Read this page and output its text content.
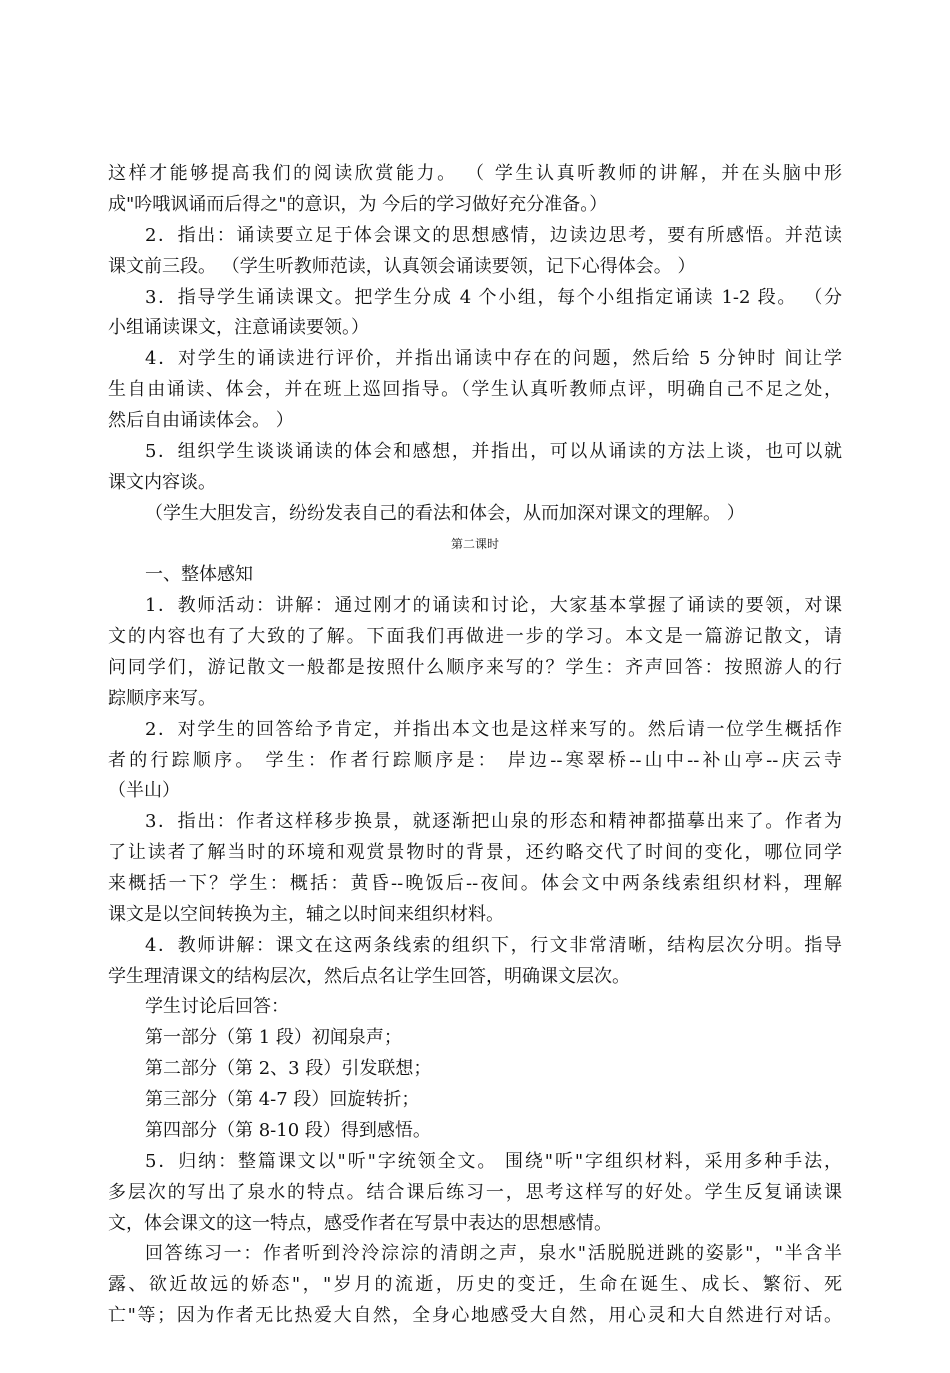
这样才能够提高我们的阅读欣赏能力。 （ 学生认真听教师的讲解，并在头脑中形
成"吟哦讽诵而后得之"的意识，为 今后的学习做好充分准备。）
2．指出：诵读要立足于体会课文的思想感情，边读边思考，要有所感悟。并范读
课文前三段。 （学生听教师范读，认真领会诵读要领，记下心得体会。 ）
3．指导学生诵读课文。把学生分成 4 个小组，每个小组指定诵读 1-2 段。 （分
小组诵读课文，注意诵读要领。）
4．对学生的诵读进行评价，并指出诵读中存在的问题，然后给 5 分钟时 间让学
生自由诵读、体会，并在班上巡回指导。（学生认真听教师点评，明确自己不足之处，
然后自由诵读体会。 ）
5．组织学生谈谈诵读的体会和感想，并指出，可以从诵读的方法上谈，也可以就
课文内容谈。
（学生大胆发言，纷纷发表自己的看法和体会，从而加深对课文的理解。 ）
第二课时
一、整体感知
1．教师活动：讲解：通过刚才的诵读和讨论，大家基本掌握了诵读的要领，对课
文的内容也有了大致的了解。下面我们再做进一步的学习。本文是一篇游记散文，请
问同学们，游记散文一般都是按照什么顺序来写的？学生：齐声回答：按照游人的行
踪顺序来写。
2．对学生的回答给予肯定，并指出本文也是这样来写的。然后请一位学生概括作
者的行踪顺序。 学生：作者行踪顺序是： 岸边--寒翠桥--山中--补山亭--庆云寺
（半山）
3．指出：作者这样移步换景，就逐渐把山泉的形态和精神都描摹出来了。作者为
了让读者了解当时的环境和观赏景物时的背景，还约略交代了时间的变化，哪位同学
来概括一下？学生：概括：黄昏--晚饭后--夜间。体会文中两条线索组织材料，理解
课文是以空间转换为主，辅之以时间来组织材料。
4．教师讲解：课文在这两条线索的组织下，行文非常清晰，结构层次分明。指导
学生理清课文的结构层次，然后点名让学生回答，明确课文层次。
学生讨论后回答：
第一部分（第 1 段）初闻泉声；
第二部分（第 2、3 段）引发联想；
第三部分（第 4-7 段）回旋转折；
第四部分（第 8-10 段）得到感悟。
5．归纳：整篇课文以"听"字统领全文。 围绕"听"字组织材料，采用多种手法，
多层次的写出了泉水的特点。结合课后练习一，思考这样写的好处。学生反复诵读课
文，体会课文的这一特点，感受作者在写景中表达的思想感情。
回答练习一：作者听到泠泠淙淙的清朗之声，泉水"活脱脱迸跳的姿影"，"半含半
露、欲近故远的娇态"，"岁月的流逝，历史的变迁，生命在诞生、成长、繁衍、死
亡"等；因为作者无比热爱大自然，全身心地感受大自然，用心灵和大自然进行对话。
